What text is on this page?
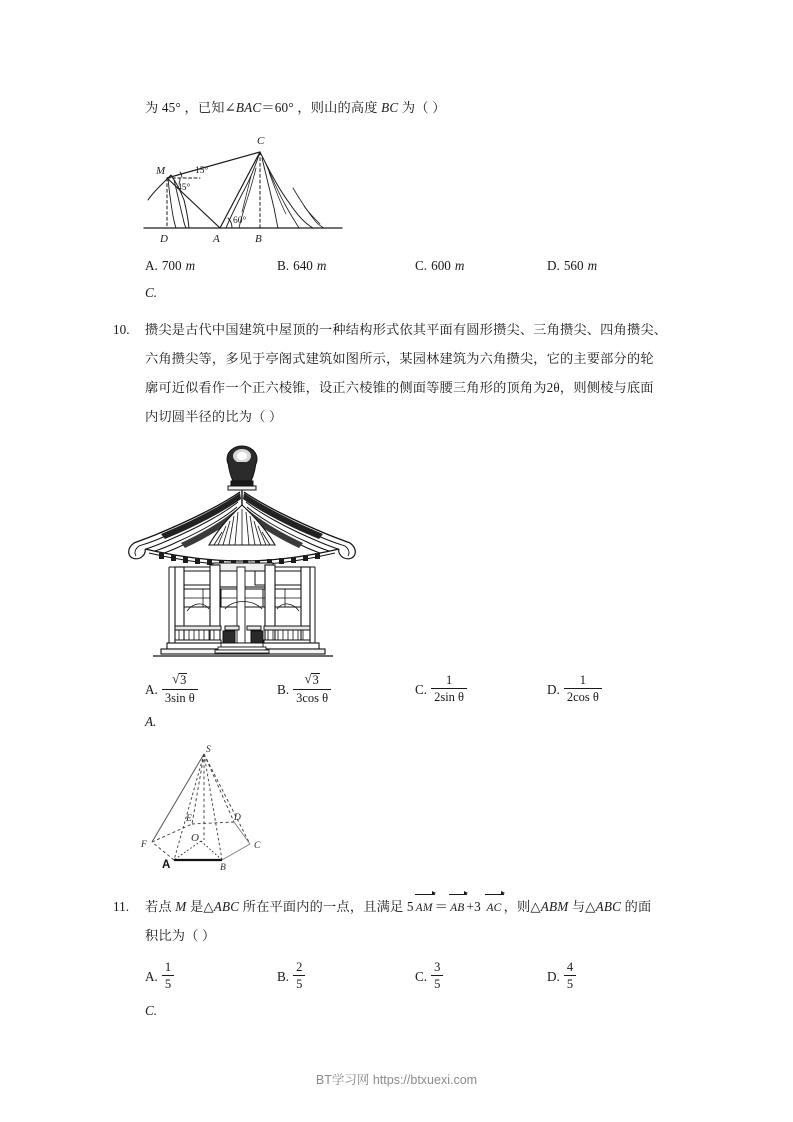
为 45° ，已知∠BAC＝60° ，则山的高度 BC 为（ ）
M
C
D	A	B
15°
45°
60°
A. 700 m	B. 640 m	C. 600 m	D. 560 m
C.
10. 攒尖是古代中国建筑中屋顶的一种结构形式依其平面有圆形攒尖、三角攒尖、四角攒尖、
六角攒尖等，多见于亭阁式建筑如图所示，某园林建筑为六角攒尖，它的主要部分的轮
廓可近似看作一个正六棱锥，设正六棱锥的侧面等腰三角形的顶角为2θ，则侧棱与底面
内切圆半径的比为（ ）
A. √ $\frac{3}{\text{3sin θ}}$	B. √ $\frac{3}{\text{3cos θ}}$	C. $\frac{1}{\text{2sin θ}}$	D. $\frac{1}{\text{2cos θ}}$
A.
S
E	D
F	C
O
B
A
11. 若点 M 是△ABC 所在平面内的一点，且满足 5 AM ＝ AB +3 AC ，则△ABM 与△ABC 的面
积比为（ ）
A. $\frac{1}{5}$	B. $\frac{2}{5}$	C. $\frac{3}{5}$	D. $\frac{4}{5}$
C.
BT学习网 https://btxuexi.com
